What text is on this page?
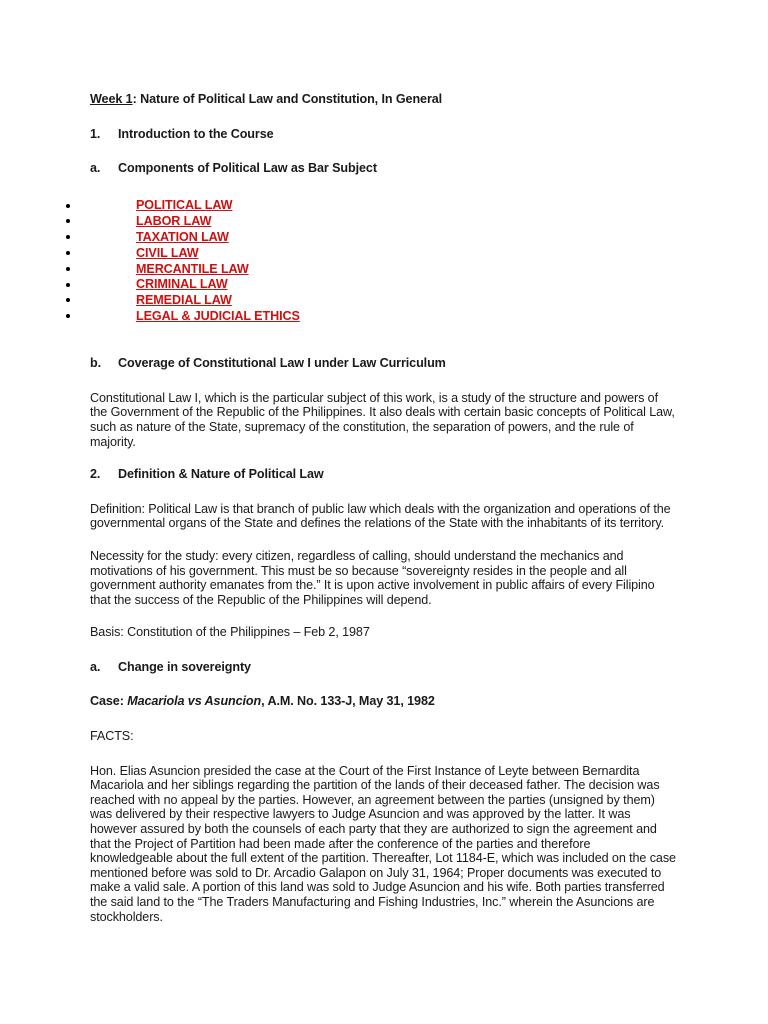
Week 1: Nature of Political Law and Constitution, In General

1.	Introduction to the Course
a.	Components of Political Law as Bar Subject
POLITICAL LAW
LABOR LAW
TAXATION LAW
CIVIL LAW
MERCANTILE LAW
CRIMINAL LAW
REMEDIAL LAW
LEGAL & JUDICIAL ETHICS
b.	Coverage of Constitutional Law I under Law Curriculum

Constitutional Law I, which is the particular subject of this work, is a study of the structure and powers of the Government of the Republic of the Philippines. It also deals with certain basic concepts of Political Law, such as nature of the State, supremacy of the constitution, the separation of powers, and the rule of majority.

2.	Definition & Nature of Political Law

Definition: Political Law is that branch of public law which deals with the organization and operations of the governmental organs of the State and defines the relations of the State with the inhabitants of its territory.

Necessity for the study: every citizen, regardless of calling, should understand the mechanics and motivations of his government. This must be so because “sovereignty resides in the people and all government authority emanates from the.” It is upon active involvement in public affairs of every Filipino that the success of the Republic of the Philippines will depend.

Basis: Constitution of the Philippines – Feb 2, 1987

a.	Change in sovereignty

Case: Macariola vs Asuncion, A.M. No. 133-J, May 31, 1982

FACTS:

Hon. Elias Asuncion presided the case at the Court of the First Instance of Leyte between Bernardita Macariola and her siblings regarding the partition of the lands of their deceased father. The decision was reached with no appeal by the parties. However, an agreement between the parties (unsigned by them) was delivered by their respective lawyers to Judge Asuncion and was approved by the latter. It was however assured by both the counsels of each party that they are authorized to sign the agreement and that the Project of Partition had been made after the conference of the parties and therefore knowledgeable about the full extent of the partition. Thereafter, Lot 1184-E, which was included on the case mentioned before was sold to Dr. Arcadio Galapon on July 31, 1964; Proper documents was executed to make a valid sale. A portion of this land was sold to Judge Asuncion and his wife. Both parties transferred the said land to the “The Traders Manufacturing and Fishing Industries, Inc.” wherein the Asuncions are stockholders.
